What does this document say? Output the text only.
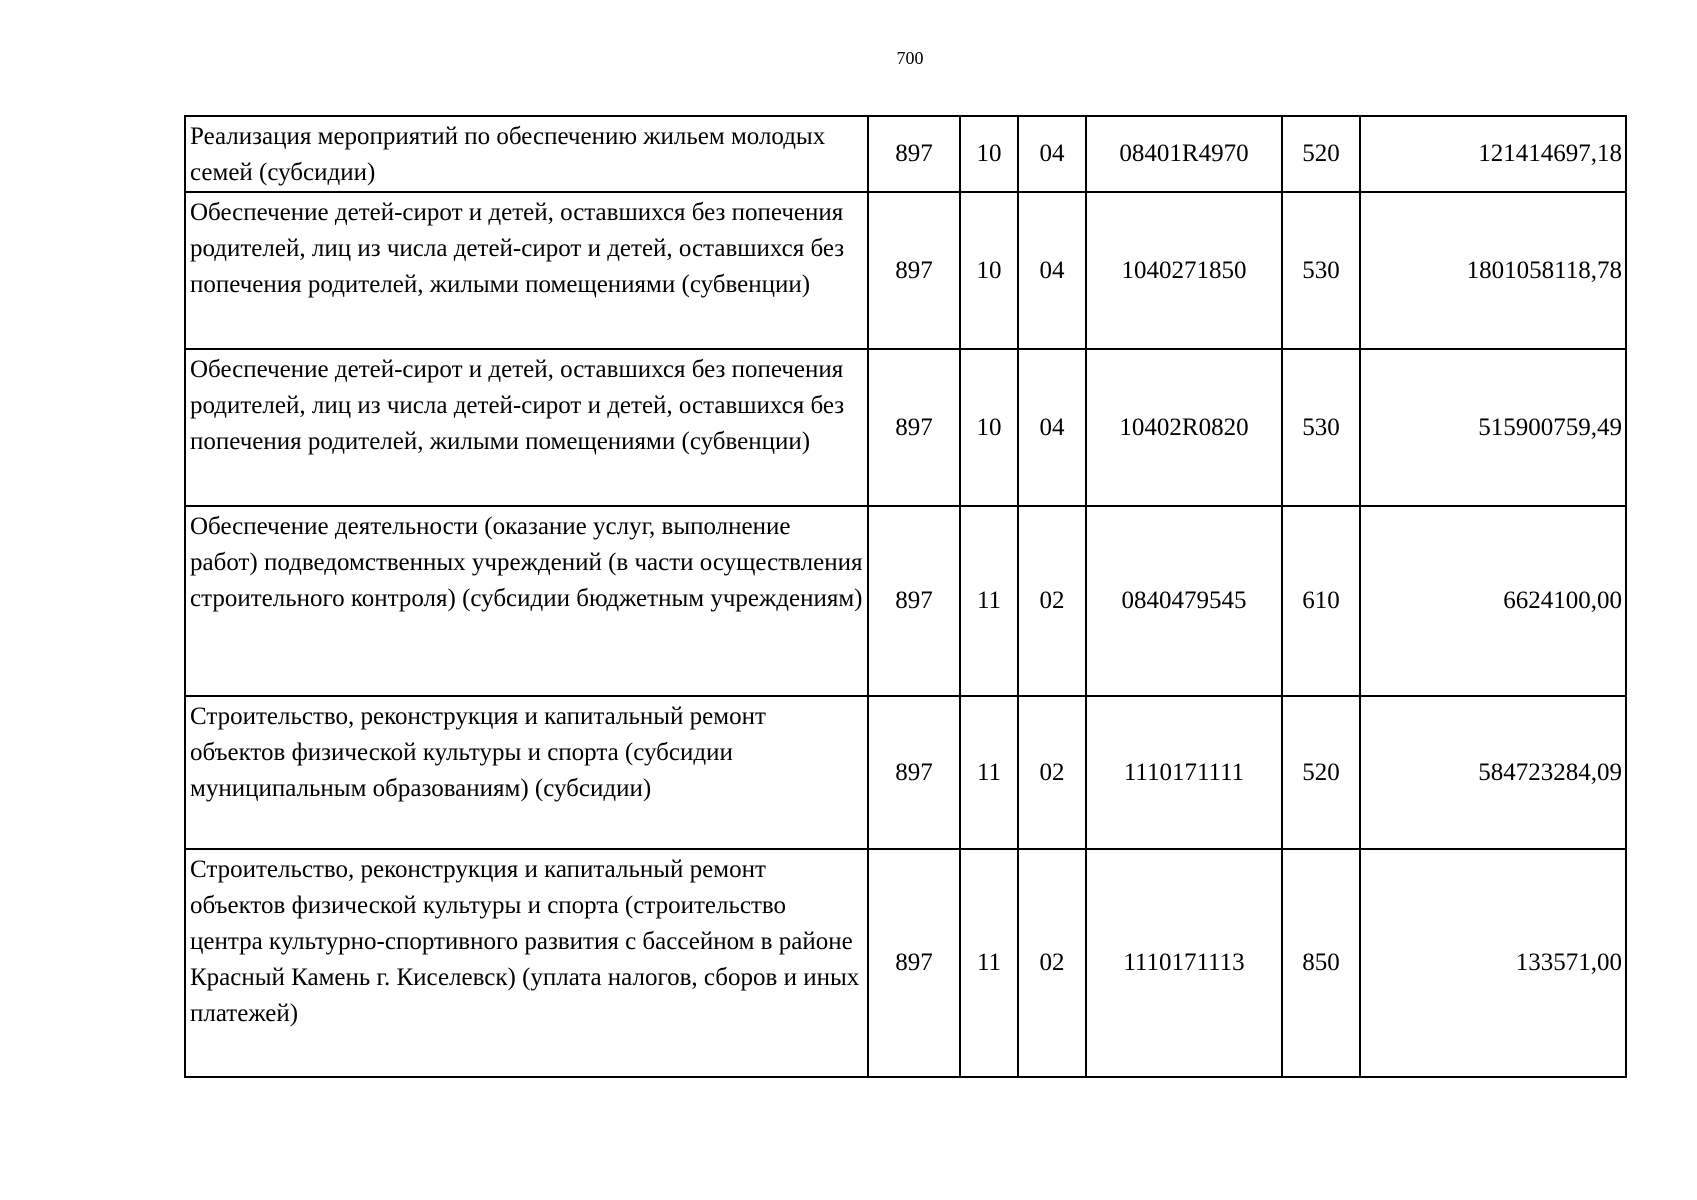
700
Реализация мероприятий по обеспечению жильем молодых семей (субсидии)	897	10	04	08401R4970	520	121414697,18
Обеспечение детей-сирот и детей, оставшихся без попечения родителей, лиц из числа детей-сирот и детей, оставшихся без попечения родителей, жилыми помещениями (субвенции)	897	10	04	1040271850	530	1801058118,78
Обеспечение детей-сирот и детей, оставшихся без попечения родителей, лиц из числа детей-сирот и детей, оставшихся без попечения родителей, жилыми помещениями (субвенции)	897	10	04	10402R0820	530	515900759,49
Обеспечение деятельности (оказание услуг, выполнение работ) подведомственных учреждений (в части осуществления строительного контроля) (субсидии бюджетным учреждениям)	897	11	02	0840479545	610	6624100,00
Строительство, реконструкция и капитальный ремонт объектов физической культуры и спорта (субсидии муниципальным образованиям) (субсидии)	897	11	02	1110171111	520	584723284,09
Строительство, реконструкция и капитальный ремонт объектов физической культуры и спорта (строительство центра культурно-спортивного развития с бассейном в районе Красный Камень г. Киселевск) (уплата налогов, сборов и иных платежей)	897	11	02	1110171113	850	133571,00
